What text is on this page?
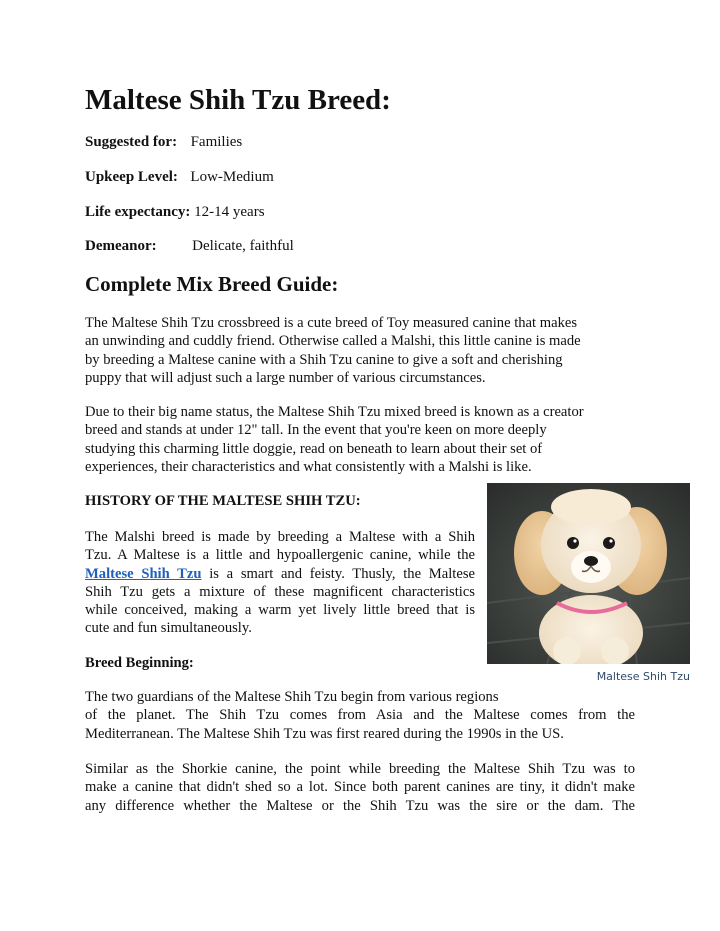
Maltese Shih Tzu Breed:
Suggested for: Families
Upkeep Level: Low-Medium
Life expectancy: 12-14 years
Demeanor: Delicate, faithful
Complete Mix Breed Guide:
The Maltese Shih Tzu crossbreed is a cute breed of Toy measured canine that makes
an unwinding and cuddly friend. Otherwise called a Malshi, this little canine is made
by breeding a Maltese canine with a Shih Tzu canine to give a soft and cherishing
puppy that will adjust such a large number of various circumstances.
Due to their big name status, the Maltese Shih Tzu mixed breed is known as a creator
breed and stands at under 12" tall. In the event that you're keen on more deeply
studying this charming little doggie, read on beneath to learn about their set of
experiences, their characteristics and what consistently with a Malshi is like.
HISTORY OF THE MALTESE SHIH TZU:
The Malshi breed is made by breeding a Maltese with a Shih
Tzu. A Maltese is a little and hypoallergenic canine, while the
Maltese Shih Tzu is a smart and feisty. Thusly, the Maltese
Shih Tzu gets a mixture of these magnificent characteristics
while conceived, making a warm yet lively little breed that is
cute and fun simultaneously.
Maltese Shih Tzu
Breed Beginning:
The two guardians of the Maltese Shih Tzu begin from various regions
of the planet. The Shih Tzu comes from Asia and the Maltese comes from the
Mediterranean. The Maltese Shih Tzu was first reared during the 1990s in the US.
Similar as the Shorkie canine, the point while breeding the Maltese Shih Tzu was to
make a canine that didn't shed so a lot. Since both parent canines are tiny, it didn't make
any difference whether the Maltese or the Shih Tzu was the sire or the dam. The
